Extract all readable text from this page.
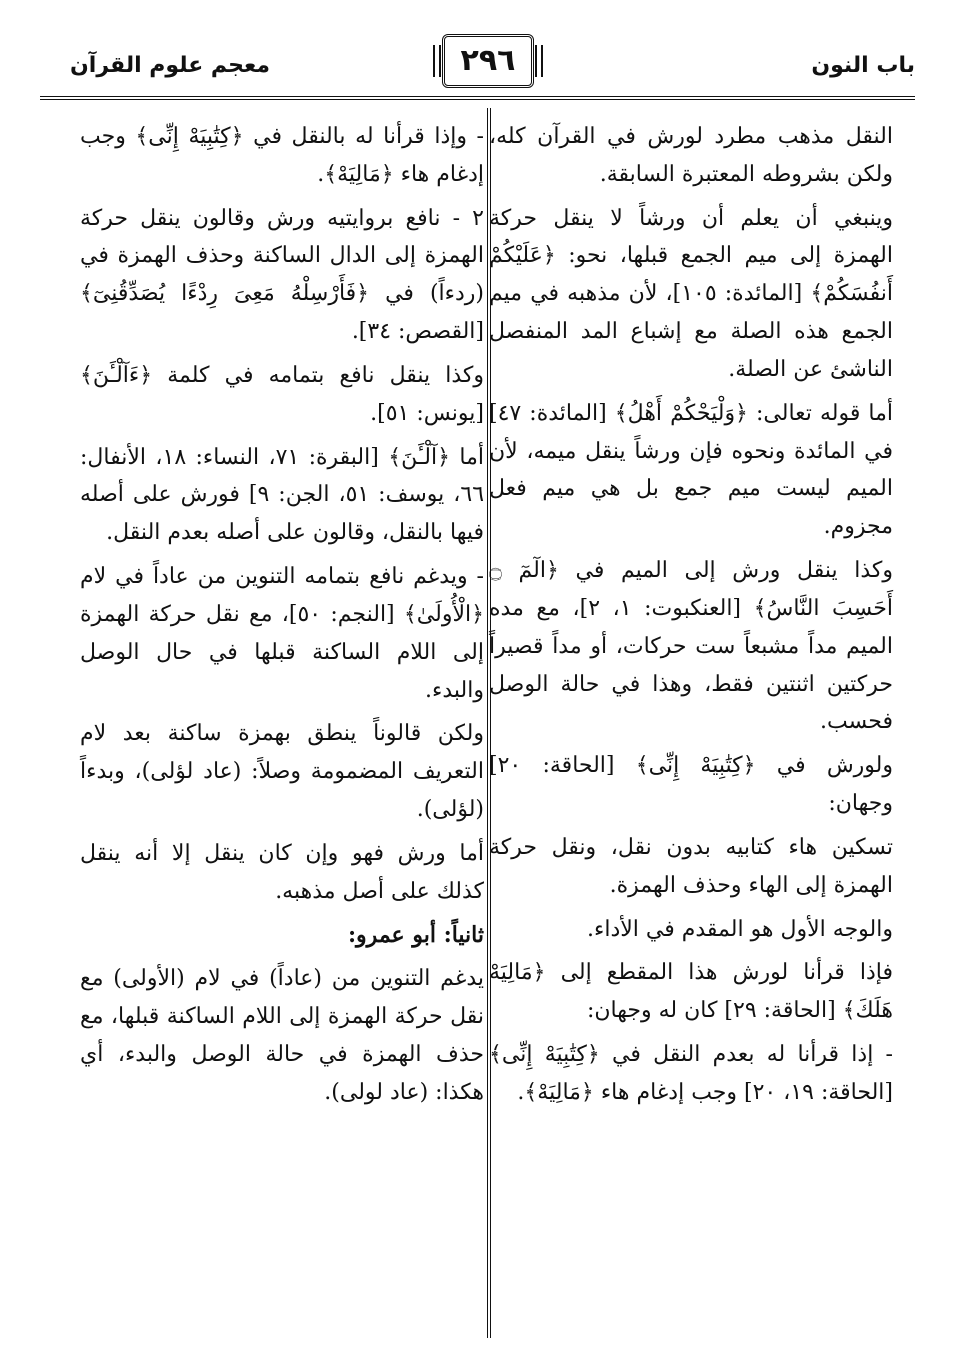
باب النون
٢٩٦
معجم علوم القرآن

النقل مذهب مطرد لورش في القرآن كله، ولكن بشروطه المعتبرة السابقة.

وينبغي أن يعلم أن ورشاً لا ينقل حركة الهمزة إلى ميم الجمع قبلها، نحو: ﴿عَلَيْكُمْ أَنفُسَكُمْ﴾ [المائدة: ١٠٥]، لأن مذهبه في ميم الجمع هذه الصلة مع إشباع المد المنفصل الناشئ عن الصلة.

أما قوله تعالى: ﴿وَلْيَحْكُمْ أَهْلُ﴾ [المائدة: ٤٧] في المائدة ونحوه فإن ورشاً ينقل ميمه، لأن الميم ليست ميم جمع بل هي ميم فعل مجزوم.

وكذا ينقل ورش إلى الميم في ﴿الٓمٓ ۝ أَحَسِبَ النَّاسُ﴾ [العنكبوت: ١، ٢]، مع مده الميم مداً مشبعاً ست حركات، أو مداً قصيراً حركتين اثنتين فقط، وهذا في حالة الوصل فحسب.

ولورش في ﴿كِتَٰبِيَهْ إِنِّى﴾ [الحاقة: ٢٠] وجهان:

تسكين هاء كتابيه بدون نقل، ونقل حركة الهمزة إلى الهاء وحذف الهمزة.

والوجه الأول هو المقدم في الأداء.

فإذا قرأنا لورش هذا المقطع إلى ﴿مَالِيَهْ هَلَكَ﴾ [الحاقة: ٢٩] كان له وجهان:

- إذا قرأنا له بعدم النقل في ﴿كِتَٰبِيَهْ إِنِّى﴾ [الحاقة: ١٩، ٢٠] وجب إدغام هاء ﴿مَالِيَهْ﴾.

- وإذا قرأنا له بالنقل في ﴿كِتَٰبِيَهْ إِنِّى﴾ وجب إدغام هاء ﴿مَالِيَهْ﴾.

٢ - نافع بروايتيه ورش وقالون ينقل حركة الهمزة إلى الدال الساكنة وحذف الهمزة في (ردءاً) في ﴿فَأَرْسِلْهُ مَعِىَ رِدْءًا يُصَدِّقُنِىٓ﴾ [القصص: ٣٤].

وكذا ينقل نافع بتمامه في كلمة ﴿ءَآلْـَٔنَ﴾ [يونس: ٥١].

أما ﴿آلْـَٔنَ﴾ [البقرة: ٧١، النساء: ١٨، الأنفال: ٦٦، يوسف: ٥١، الجن: ٩] فورش على أصله فيها بالنقل، وقالون على أصله بعدم النقل.

- ويدغم نافع بتمامه التنوين من عاداً في لام ﴿الْأُولَىٰ﴾ [النجم: ٥٠]، مع نقل حركة الهمزة إلى اللام الساكنة قبلها في حال الوصل والبدء.

ولكن قالوناً ينطق بهمزة ساكنة بعد لام التعريف المضمومة وصلاً: (عاد لؤلى)، وبدءاً (لؤلى).

أما ورش فهو وإن كان ينقل إلا أنه ينقل كذلك على أصل مذهبه.

ثانياً: أبو عمرو:

يدغم التنوين من (عاداً) في لام (الأولى) مع نقل حركة الهمزة إلى اللام الساكنة قبلها، مع حذف الهمزة في حالة الوصل والبدء، أي هكذا: (عاد لولى).
